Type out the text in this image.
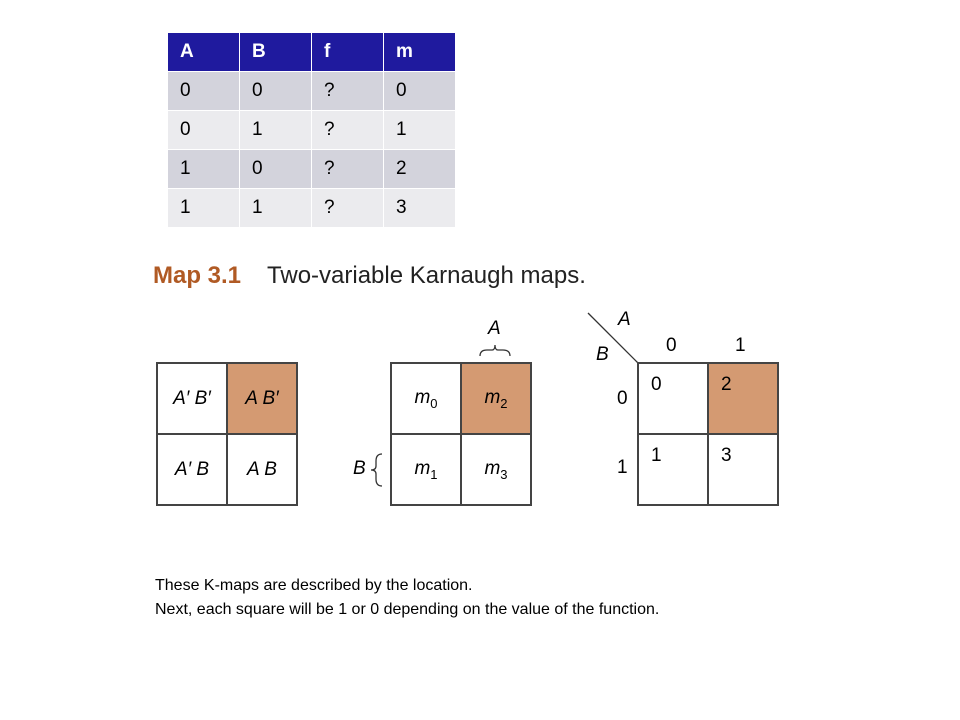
A	B	f	m
0	0	?	0
0	1	?	1
1	0	?	2
1	1	?	3
Map 3.1 Two-variable Karnaugh maps.
A′ B′	A B′
A′ B	A B
A
B
$m_0$	$m_2$
$m_1$	$m_3$
A
B	0	1
0
1
0	2
1	3
These K-maps are described by the location.
Next, each square will be 1 or 0 depending on the value of the function.
